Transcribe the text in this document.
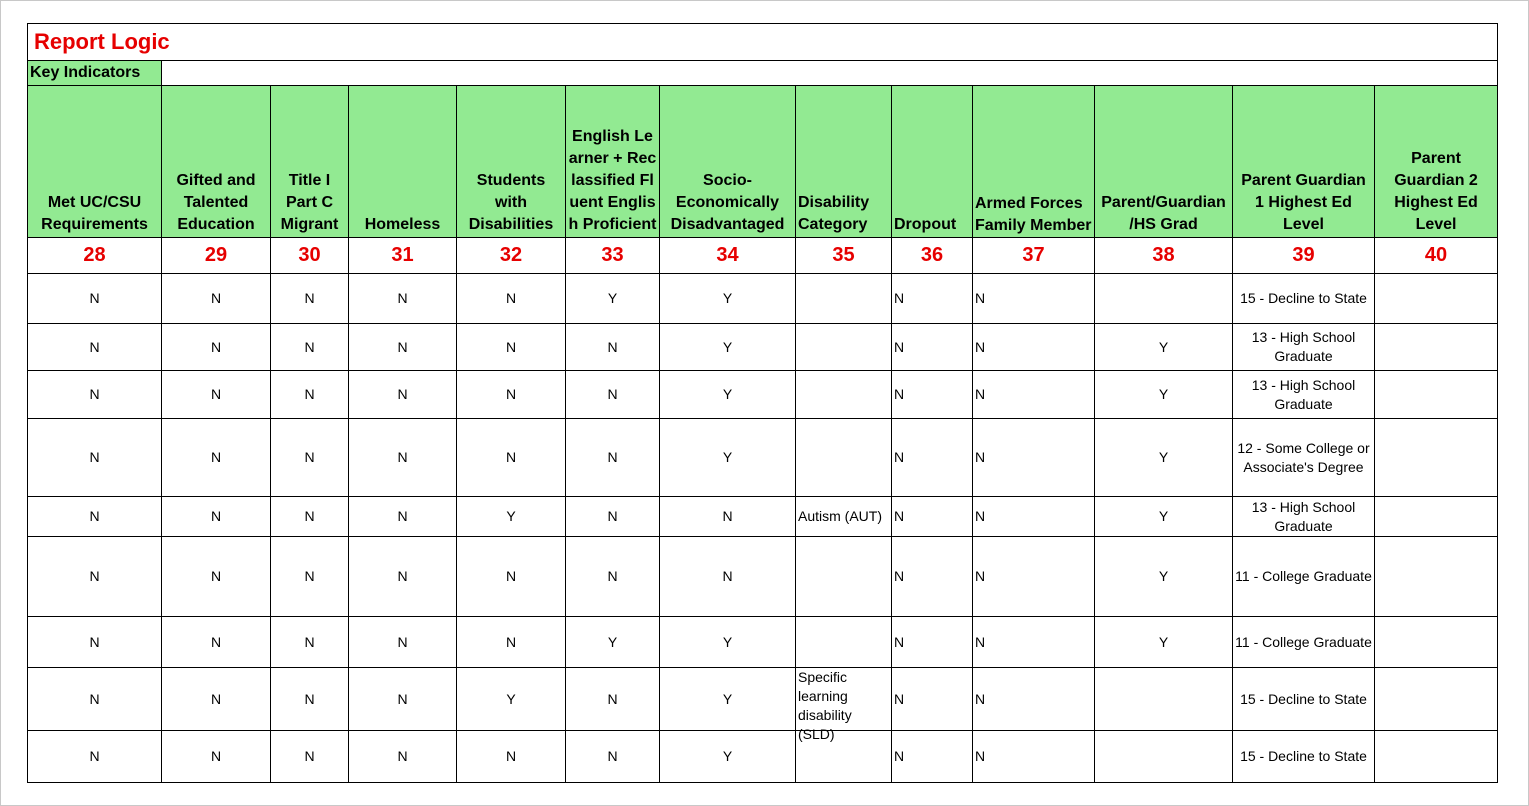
Report Logic												
Key Indicators												
Met UC/CSU Requirements	Gifted and Talented Education	Title I Part C Migrant	Homeless	Students with Disabilities	English Learner + Reclassified Fluent English Proficient	Socio-Economically Disadvantaged	Disability Category	Dropout	Armed Forces Family Member	Parent/Guardian /HS Grad	Parent Guardian 1 Highest Ed Level	Parent Guardian 2 Highest Ed Level
28	29	30	31	32	33	34	35	36	37	38	39	40
N	N	N	N	N	Y	Y		N	N		15 - Decline to State	
N	N	N	N	N	N	Y		N	N	Y	13 - High School Graduate	
N	N	N	N	N	N	Y		N	N	Y	13 - High School Graduate	
N	N	N	N	N	N	Y		N	N	Y	12 - Some College or Associate's Degree	
N	N	N	N	Y	N	N	Autism (AUT)	N	N	Y	13 - High School Graduate	
N	N	N	N	N	N	N		N	N	Y	11 - College Graduate	
N	N	N	N	N	Y	Y		N	N	Y	11 - College Graduate	
N	N	N	N	Y	N	Y	Specific learning disability (SLD)	N	N		15 - Decline to State	
N	N	N	N	N	N	Y		N	N		15 - Decline to State	
